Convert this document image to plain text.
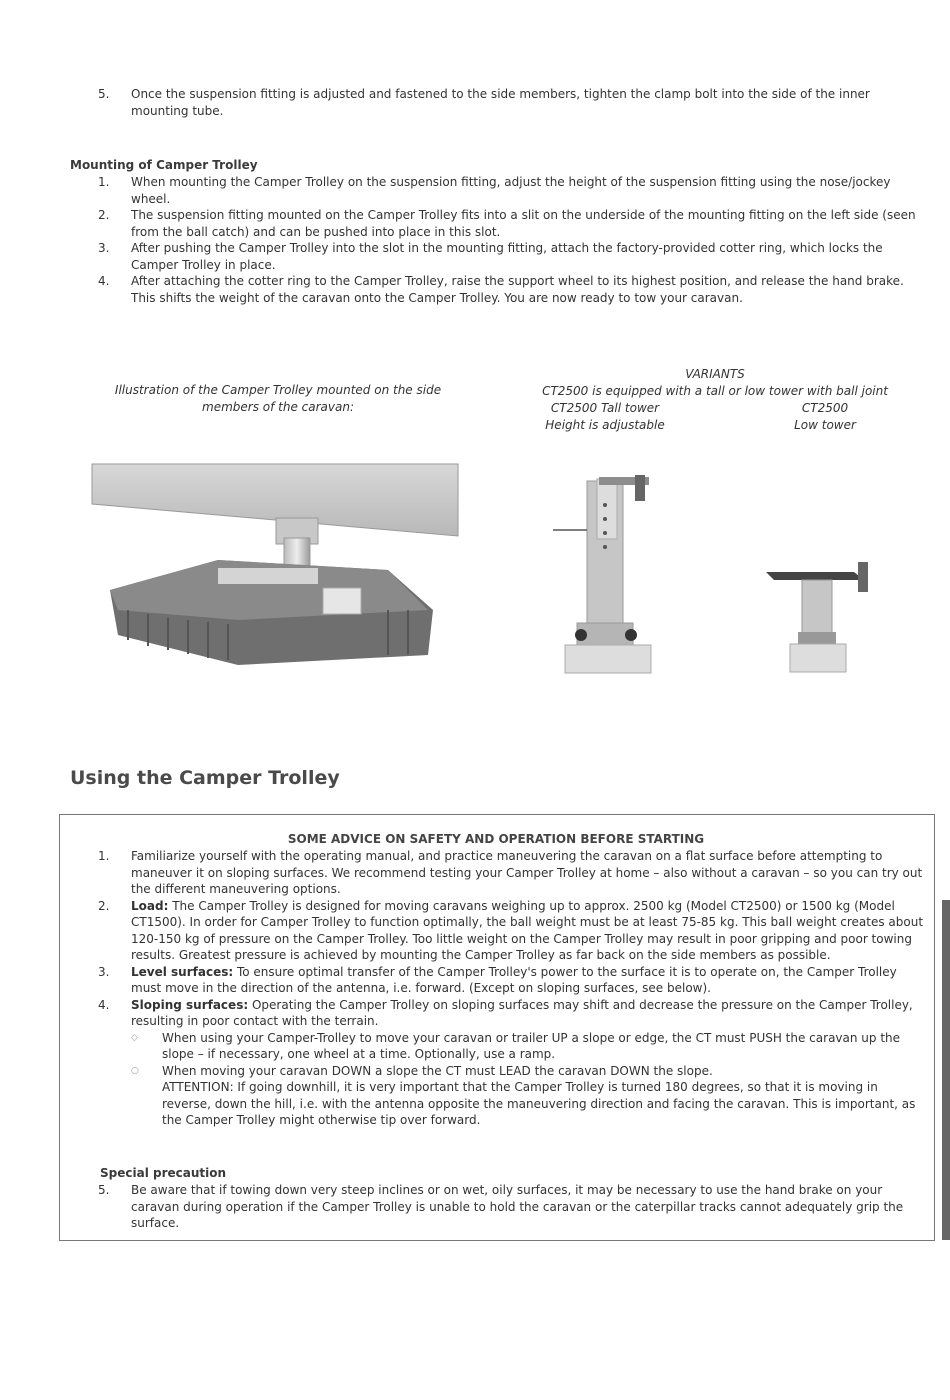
5.	Once the suspension fitting is adjusted and fastened to the side members, tighten the clamp bolt into the side of the inner mounting tube.
Mounting of Camper Trolley
1.	When mounting the Camper Trolley on the suspension fitting, adjust the height of the suspension fitting using the nose/jockey wheel.
2.	The suspension fitting mounted on the Camper Trolley fits into a slit on the underside of the mounting fitting on the left side (seen from the ball catch) and can be pushed into place in this slot.
3.	After pushing the Camper Trolley into the slot in the mounting fitting, attach the factory-provided cotter ring, which locks the Camper Trolley in place.
4.	After attaching the cotter ring to the Camper Trolley, raise the support wheel to its highest position, and release the hand brake. This shifts the weight of the caravan onto the Camper Trolley. You are now ready to tow your caravan.
Illustration of the Camper Trolley mounted on the side members of the caravan:
VARIANTS
CT2500 is equipped with a tall or low tower with ball joint
CT2500 Tall tower
Height is adjustable
CT2500
Low tower
Using the Camper Trolley
SOME ADVICE ON SAFETY AND OPERATION BEFORE STARTING
1.	Familiarize yourself with the operating manual, and practice maneuvering the caravan on a flat surface before attempting to maneuver it on sloping surfaces. We recommend testing your Camper Trolley at home – also without a caravan – so you can try out the different maneuvering options.
2.	Load: The Camper Trolley is designed for moving caravans weighing up to approx. 2500 kg (Model CT2500) or 1500 kg (Model CT1500). In order for Camper Trolley to function optimally, the ball weight must be at least 75-85 kg. This ball weight creates about 120-150 kg of pressure on the Camper Trolley. Too little weight on the Camper Trolley may result in poor gripping and poor towing results. Greatest pressure is achieved by mounting the Camper Trolley as far back on the side members as possible.
3.	Level surfaces: To ensure optimal transfer of the Camper Trolley's power to the surface it is to operate on, the Camper Trolley must move in the direction of the antenna, i.e. forward. (Except on sloping surfaces, see below).
4.	Sloping surfaces: Operating the Camper Trolley on sloping surfaces may shift and decrease the pressure on the Camper Trolley, resulting in poor contact with the terrain.
◇	When using your Camper-Trolley to move your caravan or trailer UP a slope or edge, the CT must PUSH the caravan up the slope – if necessary, one wheel at a time. Optionally, use a ramp.
○	When moving your caravan DOWN a slope the CT must LEAD the caravan DOWN the slope.
ATTENTION: If going downhill, it is very important that the Camper Trolley is turned 180 degrees, so that it is moving in reverse, down the hill, i.e. with the antenna opposite the maneuvering direction and facing the caravan. This is important, as the Camper Trolley might otherwise tip over forward.
Special precaution
5.	Be aware that if towing down very steep inclines or on wet, oily surfaces, it may be necessary to use the hand brake on your caravan during operation if the Camper Trolley is unable to hold the caravan or the caterpillar tracks cannot adequately grip the surface.
